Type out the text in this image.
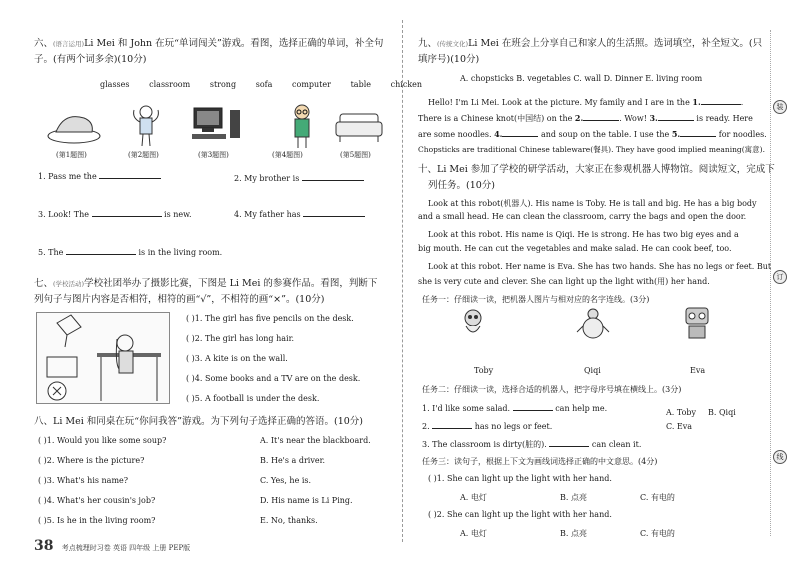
装
订
线
六、(语言运用)Li Mei 和 John 在玩“单词闯关”游戏。看图，选择正确的单词，补全句
子。(有两个词多余)(10分)
glasses classroom strong sofa computer table chicken
(第1题图)	(第2题图)	(第3题图)	(第4题图)	(第5题图)
1. Pass me the	2. My brother is
3. Look! The	is new.	4. My father has
5. The	is in the living room.
七、(学校活动)学校社团举办了摄影比赛，下图是 Li Mei 的参赛作品。看图，判断下
列句子与图片内容是否相符，相符的画“√”，不相符的画“×”。(10分)
( )1. The girl has five pencils on the desk.
( )2. The girl has long hair.
( )3. A kite is on the wall.
( )4. Some books and a TV are on the desk.
( )5. A football is under the desk.
八、Li Mei 和同桌在玩“你问我答”游戏。为下列句子选择正确的答语。(10分)
( )1. Would you like some soup?	A. It's near the blackboard.
( )2. Where is the picture?	B. He's a driver.
( )3. What's his name?	C. Yes, he is.
( )4. What's her cousin's job?	D. His name is Li Ping.
( )5. Is he in the living room?	E. No, thanks.
38 考点梳理时习卷 英语 四年级 上册 PEP版
九、(传统文化)Li Mei 在班会上分享自己和家人的生活照。选词填空，补全短文。(只
填序号)(10分)
A. chopsticks B. vegetables C. wall D. Dinner E. living room
Hello! I'm Li Mei. Look at the picture. My family and I are in the 1.	.
There is a Chinese knot(中国结) on the 2.	. Wow! 3.	is ready. Here
are some noodles. 4.	and soup on the table. I use the 5.	for noodles.
Chopsticks are traditional Chinese tableware(餐具). They have good implied meaning(寓意).
十、Li Mei 参加了学校的研学活动，大家正在参观机器人博物馆。阅读短文，完成下
列任务。(10分)
Look at this robot(机器人). His name is Toby. He is tall and big. He has a big body
and a small head. He can clean the classroom, carry the bags and open the door.
Look at this robot. His name is Qiqi. He is strong. He has two big eyes and a
big mouth. He can cut the vegetables and make salad. He can cook beef, too.
Look at this robot. Her name is Eva. She has two hands. She has no legs or feet. But
she is very cute and clever. She can light up the light with(用) her hand.
任务一：仔细读一读，把机器人图片与相对应的名字连线。(3分)
Toby	Qiqi	Eva
任务二：仔细读一读，选择合适的机器人，把字母序号填在横线上。(3分)
1. I'd like some salad.	can help me.	A. Toby B. Qiqi
2.	has no legs or feet.	C. Eva
3. The classroom is dirty(脏的).	can clean it.
任务三：读句子，根据上下文为画线词选择正确的中文意思。(4分)
( )1. She can light up the light with her hand.
A. 电灯	B. 点亮	C. 有电的
( )2. She can light up the light with her hand.
A. 电灯	B. 点亮	C. 有电的
